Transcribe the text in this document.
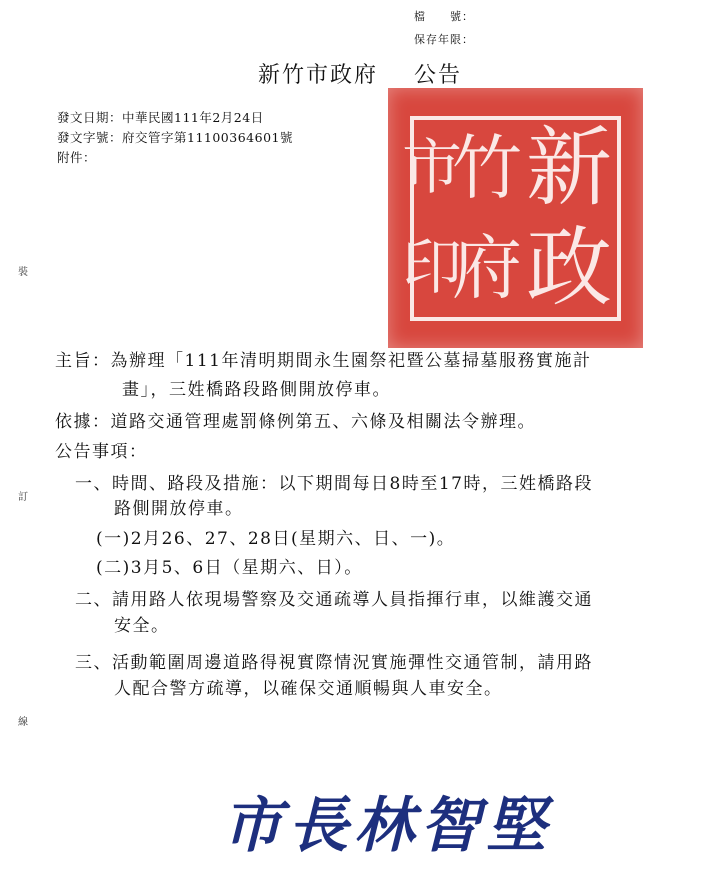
檔　　號：
保存年限：
新竹市政府 公告
發文日期：中華民國111年2月24日
發文字號：府交管字第11100364601號
附件：
裝
訂
線
新
竹
市
政
府
印
主旨：為辦理「111年清明期間永生園祭祀暨公墓掃墓服務實施計
畫」，三姓橋路段路側開放停車。
依據：道路交通管理處罰條例第五、六條及相關法令辦理。
公告事項：
一、時間、路段及措施：以下期間每日8時至17時，三姓橋路段
路側開放停車。
(一)2月26、27、28日(星期六、日、一)。
(二)3月5、6日（星期六、日）。
二、請用路人依現場警察及交通疏導人員指揮行車，以維護交通
安全。
三、活動範圍周邊道路得視實際情況實施彈性交通管制，請用路
人配合警方疏導，以確保交通順暢與人車安全。
市長林智堅
